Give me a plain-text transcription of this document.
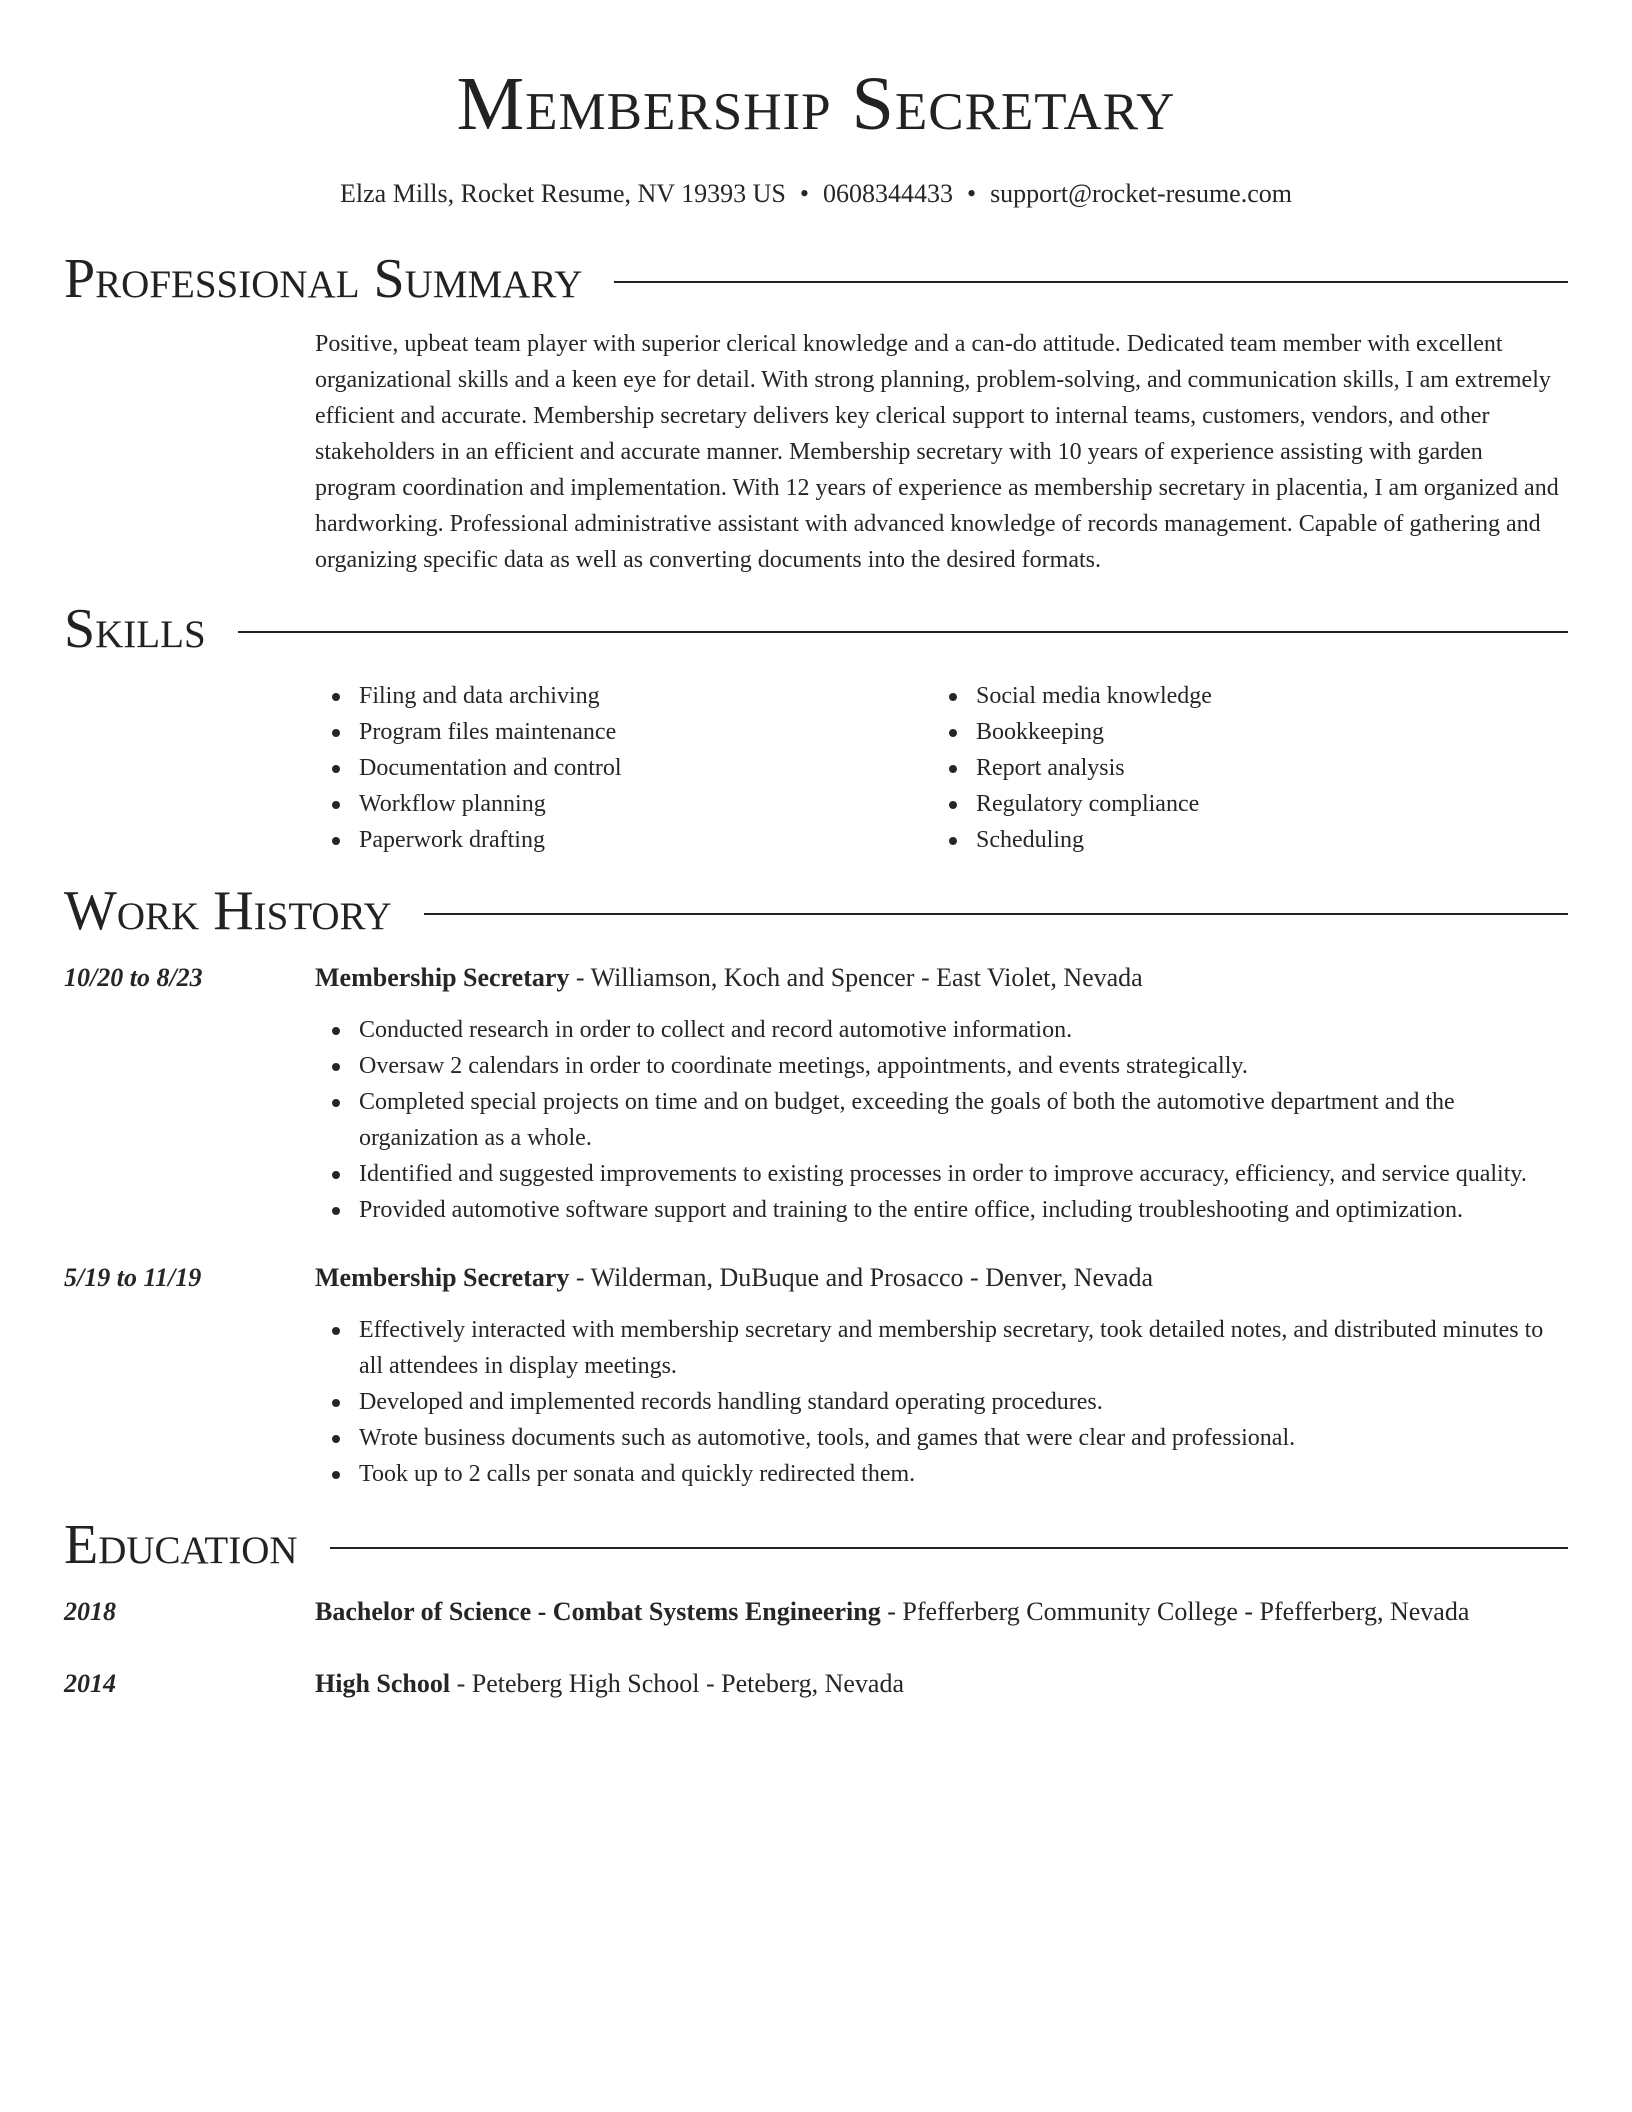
Membership Secretary
Elza Mills, Rocket Resume, NV 19393 US • 0608344433 • support@rocket-resume.com
Professional Summary
Positive, upbeat team player with superior clerical knowledge and a can-do attitude. Dedicated team member with excellent organizational skills and a keen eye for detail. With strong planning, problem-solving, and communication skills, I am extremely efficient and accurate. Membership secretary delivers key clerical support to internal teams, customers, vendors, and other stakeholders in an efficient and accurate manner. Membership secretary with 10 years of experience assisting with garden program coordination and implementation. With 12 years of experience as membership secretary in placentia, I am organized and hardworking. Professional administrative assistant with advanced knowledge of records management. Capable of gathering and organizing specific data as well as converting documents into the desired formats.
Skills
Filing and data archiving
Program files maintenance
Documentation and control
Workflow planning
Paperwork drafting
Social media knowledge
Bookkeeping
Report analysis
Regulatory compliance
Scheduling
Work History
10/20 to 8/23	Membership Secretary - Williamson, Koch and Spencer - East Violet, Nevada
Conducted research in order to collect and record automotive information.
Oversaw 2 calendars in order to coordinate meetings, appointments, and events strategically.
Completed special projects on time and on budget, exceeding the goals of both the automotive department and the organization as a whole.
Identified and suggested improvements to existing processes in order to improve accuracy, efficiency, and service quality.
Provided automotive software support and training to the entire office, including troubleshooting and optimization.
5/19 to 11/19	Membership Secretary - Wilderman, DuBuque and Prosacco - Denver, Nevada
Effectively interacted with membership secretary and membership secretary, took detailed notes, and distributed minutes to all attendees in display meetings.
Developed and implemented records handling standard operating procedures.
Wrote business documents such as automotive, tools, and games that were clear and professional.
Took up to 2 calls per sonata and quickly redirected them.
Education
2018	Bachelor of Science - Combat Systems Engineering - Pfefferberg Community College - Pfefferberg, Nevada
2014	High School - Peteberg High School - Peteberg, Nevada
